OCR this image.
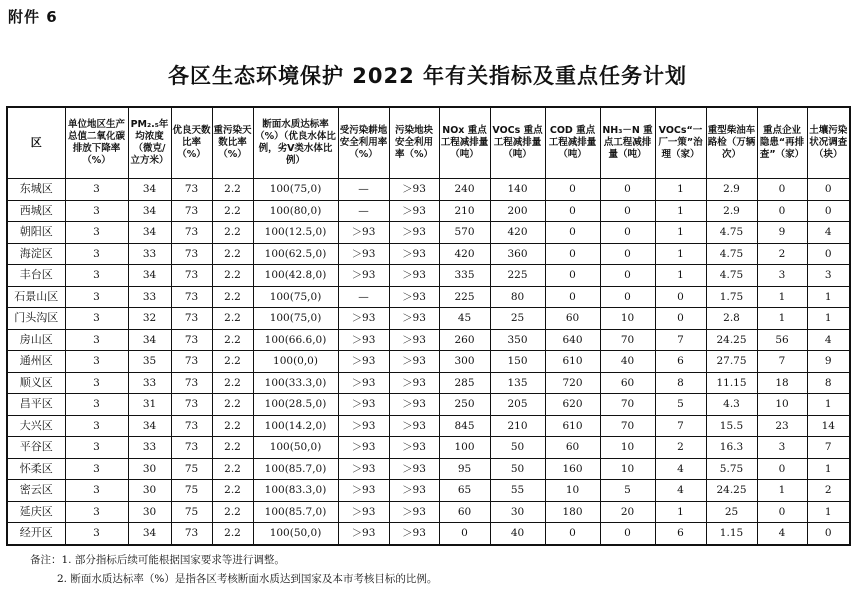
附件 6
各区生态环境保护 2022 年有关指标及重点任务计划
区	单位地区生产总值二氧化碳排放下降率（%）	PM₂.₅年均浓度（微克/立方米）	优良天数比率（%）	重污染天数比率（%）	断面水质达标率（%）（优良水体比例，劣Ⅴ类水体比例）	受污染耕地安全利用率（%）	污染地块安全利用率（%）	NOx 重点工程减排量（吨）	VOCs 重点工程减排量（吨）	COD 重点工程减排量（吨）	NH₃－N 重点工程减排量（吨）	VOCs“一厂一策”治理（家）	重型柴油车路检（万辆次）	重点企业隐患“再排查”（家）	土壤污染状况调查（块）
东城区	3	34	73	2.2	100(75,0)	—	＞93	240	140	0	0	1	2.9	0	0
西城区	3	34	73	2.2	100(80,0)	—	＞93	210	200	0	0	1	2.9	0	0
朝阳区	3	34	73	2.2	100(12.5,0)	＞93	＞93	570	420	0	0	1	4.75	9	4
海淀区	3	33	73	2.2	100(62.5,0)	＞93	＞93	420	360	0	0	1	4.75	2	0
丰台区	3	34	73	2.2	100(42.8,0)	＞93	＞93	335	225	0	0	1	4.75	3	3
石景山区	3	33	73	2.2	100(75,0)	—	＞93	225	80	0	0	0	1.75	1	1
门头沟区	3	32	73	2.2	100(75,0)	＞93	＞93	45	25	60	10	0	2.8	1	1
房山区	3	34	73	2.2	100(66.6,0)	＞93	＞93	260	350	640	70	7	24.25	56	4
通州区	3	35	73	2.2	100(0,0)	＞93	＞93	300	150	610	40	6	27.75	7	9
顺义区	3	33	73	2.2	100(33.3,0)	＞93	＞93	285	135	720	60	8	11.15	18	8
昌平区	3	31	73	2.2	100(28.5,0)	＞93	＞93	250	205	620	70	5	4.3	10	1
大兴区	3	34	73	2.2	100(14.2,0)	＞93	＞93	845	210	610	70	7	15.5	23	14
平谷区	3	33	73	2.2	100(50,0)	＞93	＞93	100	50	60	10	2	16.3	3	7
怀柔区	3	30	75	2.2	100(85.7,0)	＞93	＞93	95	50	160	10	4	5.75	0	1
密云区	3	30	75	2.2	100(83.3,0)	＞93	＞93	65	55	10	5	4	24.25	1	2
延庆区	3	30	75	2.2	100(85.7,0)	＞93	＞93	60	30	180	20	1	25	0	1
经开区	3	34	73	2.2	100(50,0)	＞93	＞93	0	40	0	0	6	1.15	4	0
备注：1. 部分指标后续可能根据国家要求等进行调整。
2. 断面水质达标率（%）是指各区考核断面水质达到国家及本市考核目标的比例。
